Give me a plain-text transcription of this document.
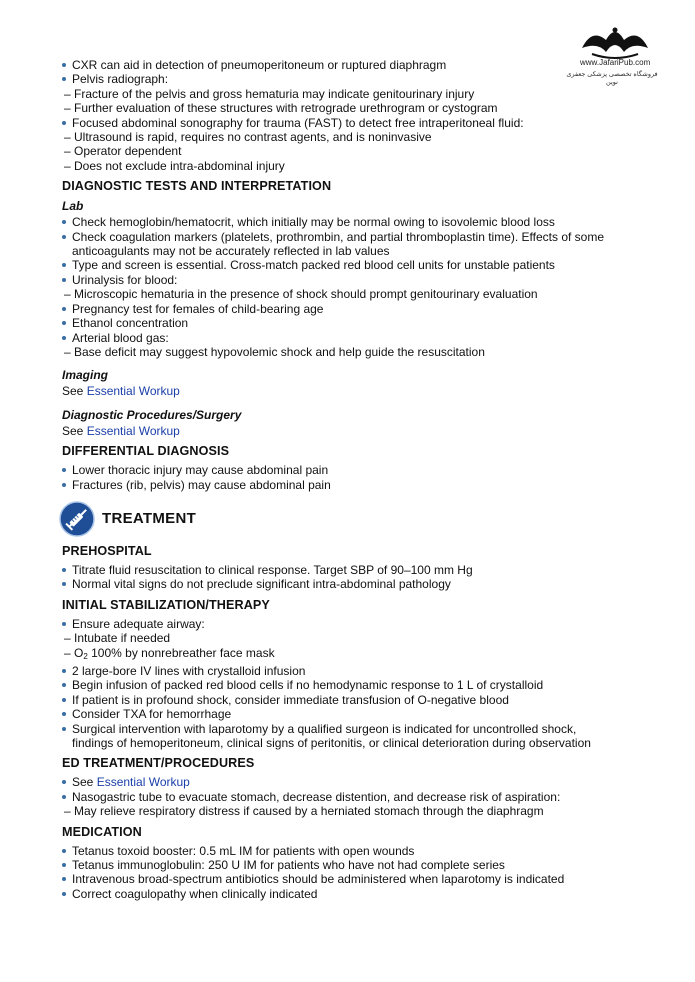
www.JafariPub.com
فروشگاه تخصصی پزشکی جعفری نوین
CXR can aid in detection of pneumoperitoneum or ruptured diaphragm
Pelvis radiograph:
– Fracture of the pelvis and gross hematuria may indicate genitourinary injury
– Further evaluation of these structures with retrograde urethrogram or cystogram
Focused abdominal sonography for trauma (FAST) to detect free intraperitoneal fluid:
– Ultrasound is rapid, requires no contrast agents, and is noninvasive
– Operator dependent
– Does not exclude intra-abdominal injury
DIAGNOSTIC TESTS AND INTERPRETATION
Lab
Check hemoglobin/hematocrit, which initially may be normal owing to isovolemic blood loss
Check coagulation markers (platelets, prothrombin, and partial thromboplastin time). Effects of some
anticoagulants may not be accurately reflected in lab values
Type and screen is essential. Cross-match packed red blood cell units for unstable patients
Urinalysis for blood:
– Microscopic hematuria in the presence of shock should prompt genitourinary evaluation
Pregnancy test for females of child-bearing age
Ethanol concentration
Arterial blood gas:
– Base deficit may suggest hypovolemic shock and help guide the resuscitation
Imaging
See Essential Workup
Diagnostic Procedures/Surgery
See Essential Workup
DIFFERENTIAL DIAGNOSIS
Lower thoracic injury may cause abdominal pain
Fractures (rib, pelvis) may cause abdominal pain
TREATMENT
PREHOSPITAL
Titrate fluid resuscitation to clinical response. Target SBP of 90–100 mm Hg
Normal vital signs do not preclude significant intra-abdominal pathology
INITIAL STABILIZATION/THERAPY
Ensure adequate airway:
– Intubate if needed
– $O_2$ 100% by nonrebreather face mask
2 large-bore IV lines with crystalloid infusion
Begin infusion of packed red blood cells if no hemodynamic response to 1 L of crystalloid
If patient is in profound shock, consider immediate transfusion of O-negative blood
Consider TXA for hemorrhage
Surgical intervention with laparotomy by a qualified surgeon is indicated for uncontrolled shock,
findings of hemoperitoneum, clinical signs of peritonitis, or clinical deterioration during observation
ED TREATMENT/PROCEDURES
See Essential Workup
Nasogastric tube to evacuate stomach, decrease distention, and decrease risk of aspiration:
– May relieve respiratory distress if caused by a herniated stomach through the diaphragm
MEDICATION
Tetanus toxoid booster: 0.5 mL IM for patients with open wounds
Tetanus immunoglobulin: 250 U IM for patients who have not had complete series
Intravenous broad-spectrum antibiotics should be administered when laparotomy is indicated
Correct coagulopathy when clinically indicated
